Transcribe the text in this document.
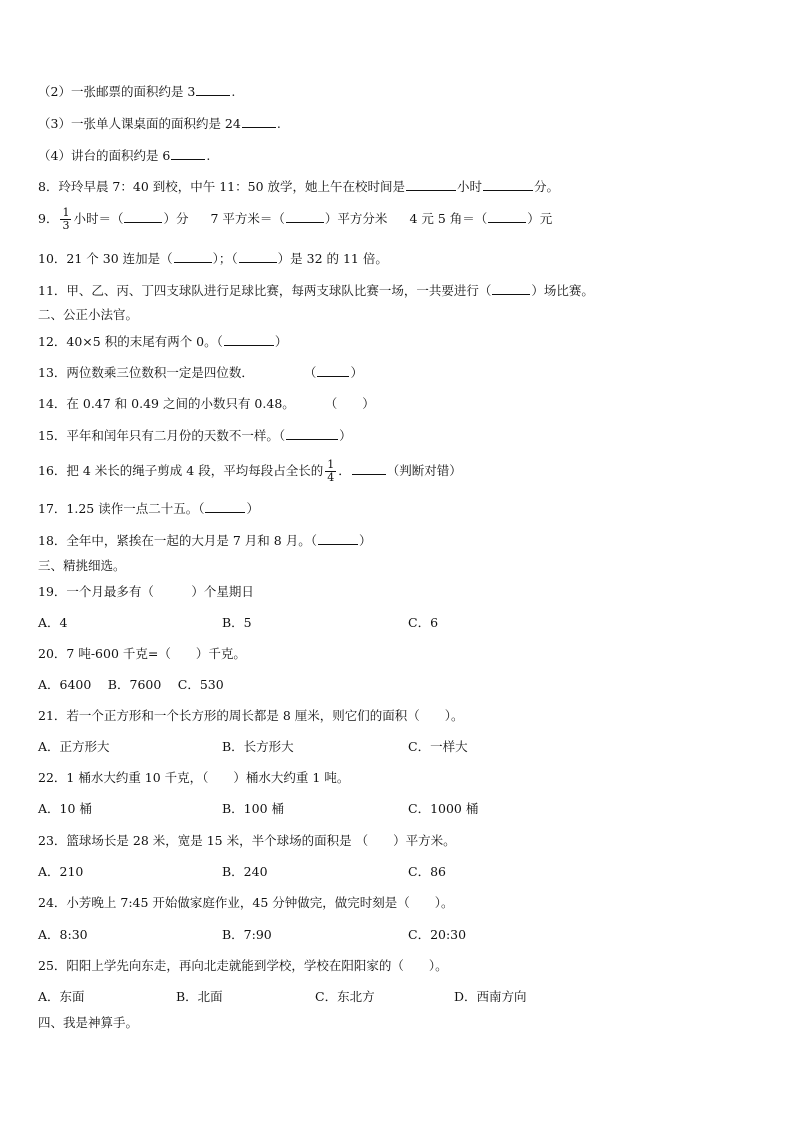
（2）一张邮票的面积约是 3	.
（3）一张单人课桌面的面积约是 24	.
（4）讲台的面积约是 6	.
8．玲玲早晨 7：40 到校，中午 11：50 放学，她上午在校时间是	小时	分。
9． $\frac{1}{3}$ 小时＝（	）分 7 平方米＝（	）平方分米 4 元 5 角＝（	）元
10．21 个 30 连加是（	）；（	）是 32 的 11 倍。
11．甲、乙、丙、丁四支球队进行足球比赛，每两支球队比赛一场，一共要进行（	）场比赛。
二、公正小法官。
12．40×5 积的末尾有两个 0。（	）
13．两位数乘三位数积一定是四位数．	（	）
14．在 0.47 和 0.49 之间的小数只有 0.48。 （　　）
15．平年和闰年只有二月份的天数不一样。（	）
16．把 4 米长的绳子剪成 4 段，平均每段占全长的 $\frac{1}{4}$ ．	（判断对错）
17．1.25 读作一点二十五。（	）
18．全年中，紧挨在一起的大月是 7 月和 8 月。（	）
三、精挑细选。
19．一个月最多有（　　　）个星期日
A．4	B．5	C．6
20．7 吨-600 千克=（　　）千克。
A．6400　 B．7600　 C．530
21．若一个正方形和一个长方形的周长都是 8 厘米，则它们的面积（　　）。
A．正方形大	B．长方形大	C．一样大
22．1 桶水大约重 10 千克，（　　）桶水大约重 1 吨。
A．10 桶	B．100 桶	C．1000 桶
23．篮球场长是 28 米，宽是 15 米，半个球场的面积是 （　　）平方米。
A．210	B．240	C．86
24．小芳晚上 7:45 开始做家庭作业，45 分钟做完，做完时刻是（　　）。
A．8:30	B．7:90	C．20:30
25．阳阳上学先向东走，再向北走就能到学校，学校在阳阳家的（　　）。
A．东面	B．北面	C．东北方	D．西南方向
四、我是神算手。
